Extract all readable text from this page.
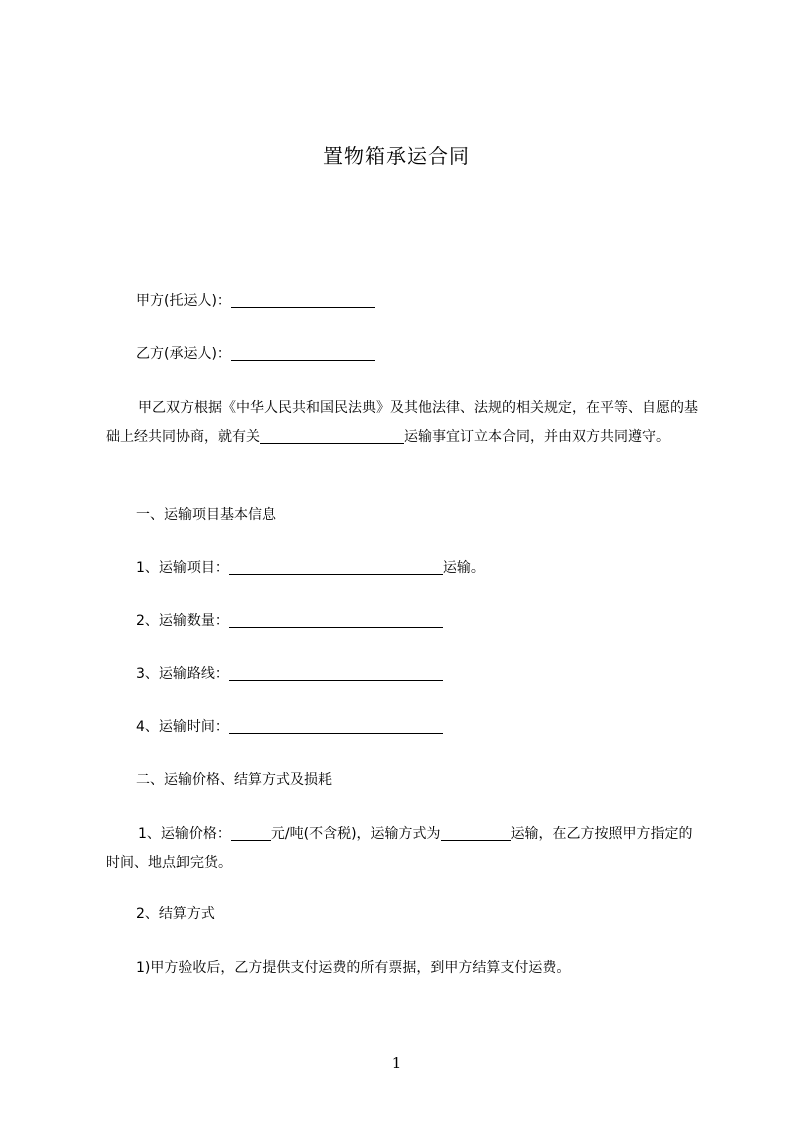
置物箱承运合同
甲方(托运人)：
乙方(承运人)：
甲乙双方根据《中华人民共和国民法典》及其他法律、法规的相关规定，在平等、自愿的基础上经共同协商，就有关	运输事宜订立本合同，并由双方共同遵守。
一、运输项目基本信息
1、运输项目：	运输。
2、运输数量：
3、运输路线：
4、运输时间：
二、运输价格、结算方式及损耗
1、运输价格：	元/吨(不含税)，运输方式为	运输，在乙方按照甲方指定的时间、地点卸完货。
2、结算方式
1)甲方验收后，乙方提供支付运费的所有票据，到甲方结算支付运费。
1
